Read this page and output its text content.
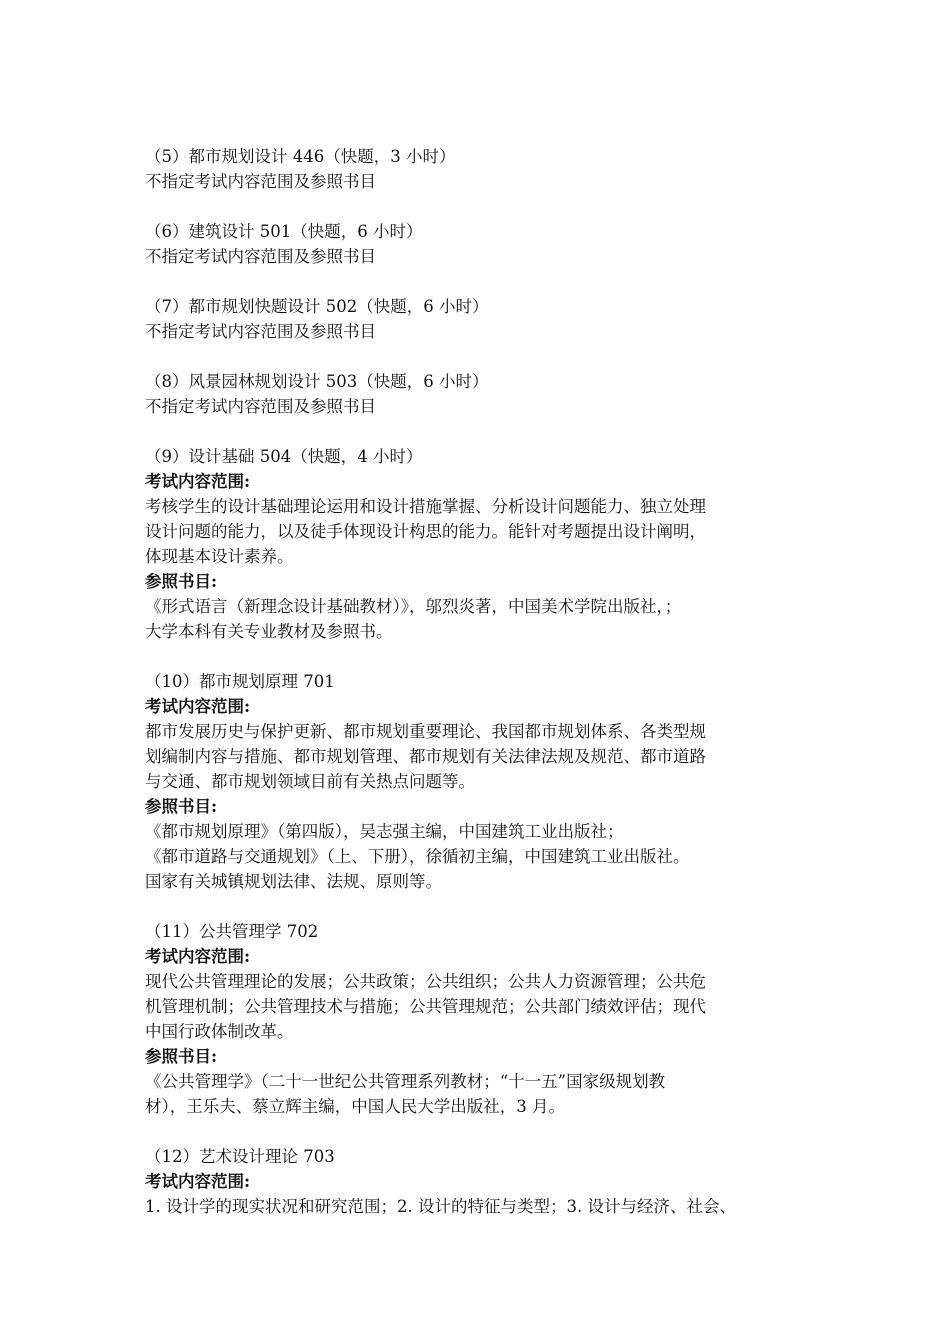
（5）都市规划设计 446（快题，3 小时）
不指定考试内容范围及参照书目
（6）建筑设计 501（快题，6 小时）
不指定考试内容范围及参照书目
（7）都市规划快题设计 502（快题，6 小时）
不指定考试内容范围及参照书目
（8）风景园林规划设计 503（快题，6 小时）
不指定考试内容范围及参照书目
（9）设计基础 504（快题，4 小时）
考试内容范围:
考核学生的设计基础理论运用和设计措施掌握、分析设计问题能力、独立处理
设计问题的能力，以及徒手体现设计构思的能力。能针对考题提出设计阐明，
体现基本设计素养。
参照书目:
《形式语言（新理念设计基础教材）》，邬烈炎著，中国美术学院出版社，；
大学本科有关专业教材及参照书。
（10）都市规划原理 701
考试内容范围:
都市发展历史与保护更新、都市规划重要理论、我国都市规划体系、各类型规
划编制内容与措施、都市规划管理、都市规划有关法律法规及规范、都市道路
与交通、都市规划领域目前有关热点问题等。
参照书目:
《都市规划原理》（第四版），吴志强主编，中国建筑工业出版社；
《都市道路与交通规划》（上、下册），徐循初主编，中国建筑工业出版社。
国家有关城镇规划法律、法规、原则等。
（11）公共管理学 702
考试内容范围:
现代公共管理理论的发展；公共政策；公共组织；公共人力资源管理；公共危
机管理机制；公共管理技术与措施；公共管理规范；公共部门绩效评估；现代
中国行政体制改革。
参照书目:
《公共管理学》（二十一世纪公共管理系列教材；“十一五”国家级规划教
材），王乐夫、蔡立辉主编，中国人民大学出版社，3 月。
（12）艺术设计理论 703
考试内容范围:
1. 设计学的现实状况和研究范围；2. 设计的特征与类型；3. 设计与经济、社会、
